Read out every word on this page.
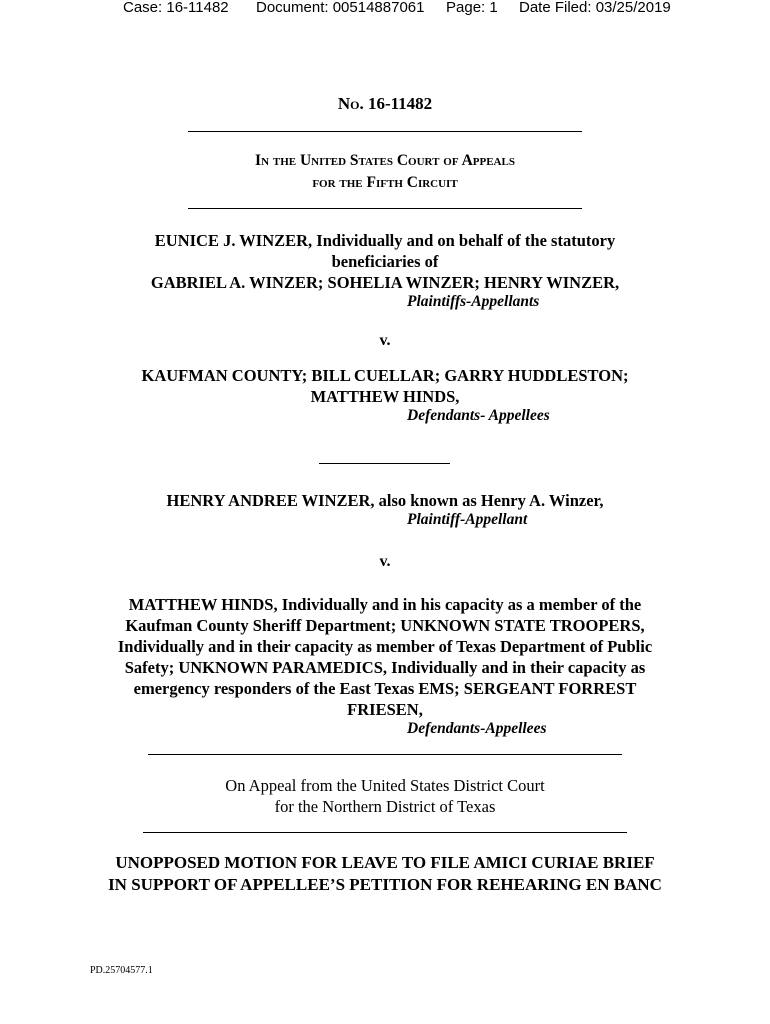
Case: 16-11482 Document: 00514887061 Page: 1 Date Filed: 03/25/2019
No. 16-11482
In the United States Court of Appeals
for the Fifth Circuit
EUNICE J. WINZER, Individually and on behalf of the statutory
beneficiaries of
GABRIEL A. WINZER; SOHELIA WINZER; HENRY WINZER,
Plaintiffs-Appellants
v.
KAUFMAN COUNTY; BILL CUELLAR; GARRY HUDDLESTON;
MATTHEW HINDS,
Defendants- Appellees
HENRY ANDREE WINZER, also known as Henry A. Winzer,
Plaintiff-Appellant
v.
MATTHEW HINDS, Individually and in his capacity as a member of the
Kaufman County Sheriff Department; UNKNOWN STATE TROOPERS,
Individually and in their capacity as member of Texas Department of Public
Safety; UNKNOWN PARAMEDICS, Individually and in their capacity as
emergency responders of the East Texas EMS; SERGEANT FORREST
FRIESEN,
Defendants-Appellees
On Appeal from the United States District Court
for the Northern District of Texas
UNOPPOSED MOTION FOR LEAVE TO FILE AMICI CURIAE BRIEF
IN SUPPORT OF APPELLEE’S PETITION FOR REHEARING EN BANC
PD.25704577.1
